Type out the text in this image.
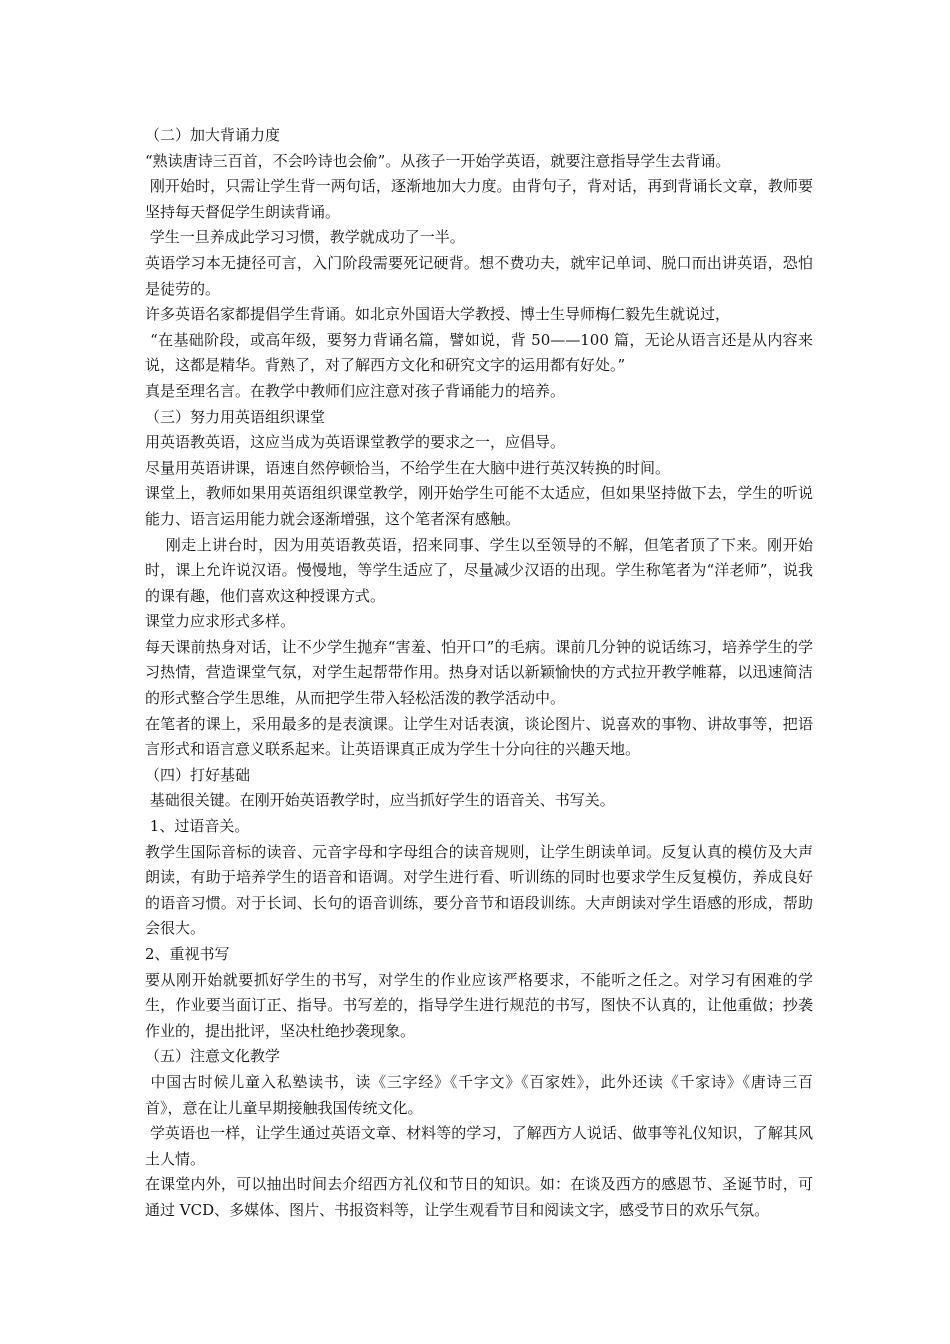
（二）加大背诵力度

“熟读唐诗三百首，不会吟诗也会偷”。从孩子一开始学英语，就要注意指导学生去背诵。

刚开始时，只需让学生背一两句话，逐渐地加大力度。由背句子，背对话，再到背诵长文章，教师要坚持每天督促学生朗读背诵。

学生一旦养成此学习习惯，教学就成功了一半。

英语学习本无捷径可言，入门阶段需要死记硬背。想不费功夫，就牢记单词、脱口而出讲英语，恐怕是徒劳的。

许多英语名家都提倡学生背诵。如北京外国语大学教授、博士生导师梅仁毅先生就说过，

“在基础阶段，或高年级，要努力背诵名篇，譬如说，背 50——100 篇，无论从语言还是从内容来说，这都是精华。背熟了，对了解西方文化和研究文字的运用都有好处。”

真是至理名言。在教学中教师们应注意对孩子背诵能力的培养。

（三）努力用英语组织课堂

用英语教英语，这应当成为英语课堂教学的要求之一，应倡导。

尽量用英语讲课，语速自然停顿恰当，不给学生在大脑中进行英汉转换的时间。

课堂上，教师如果用英语组织课堂教学，刚开始学生可能不太适应，但如果坚持做下去，学生的听说能力、语言运用能力就会逐渐增强，这个笔者深有感触。

刚走上讲台时，因为用英语教英语，招来同事、学生以至领导的不解，但笔者顶了下来。刚开始时，课上允许说汉语。慢慢地，等学生适应了，尽量减少汉语的出现。学生称笔者为“洋老师”，说我的课有趣，他们喜欢这种授课方式。

课堂力应求形式多样。

每天课前热身对话，让不少学生抛弃“害羞、怕开口”的毛病。课前几分钟的说话练习，培养学生的学习热情，营造课堂气氛，对学生起帮带作用。热身对话以新颖愉快的方式拉开教学帷幕，以迅速简洁的形式整合学生思维，从而把学生带入轻松活泼的教学活动中。

在笔者的课上，采用最多的是表演课。让学生对话表演，谈论图片、说喜欢的事物、讲故事等，把语言形式和语言意义联系起来。让英语课真正成为学生十分向往的兴趣天地。

（四）打好基础

基础很关键。在刚开始英语教学时，应当抓好学生的语音关、书写关。

1、过语音关。

教学生国际音标的读音、元音字母和字母组合的读音规则，让学生朗读单词。反复认真的模仿及大声朗读，有助于培养学生的语音和语调。对学生进行看、听训练的同时也要求学生反复模仿，养成良好的语音习惯。对于长词、长句的语音训练，要分音节和语段训练。大声朗读对学生语感的形成，帮助会很大。

2、重视书写

要从刚开始就要抓好学生的书写，对学生的作业应该严格要求，不能听之任之。对学习有困难的学生，作业要当面订正、指导。书写差的，指导学生进行规范的书写，图快不认真的，让他重做；抄袭作业的，提出批评，坚决杜绝抄袭现象。

（五）注意文化教学

中国古时候儿童入私塾读书，读《三字经》《千字文》《百家姓》，此外还读《千家诗》《唐诗三百首》，意在让儿童早期接触我国传统文化。

学英语也一样，让学生通过英语文章、材料等的学习，了解西方人说话、做事等礼仪知识，了解其风土人情。

在课堂内外，可以抽出时间去介绍西方礼仪和节日的知识。如：在谈及西方的感恩节、圣诞节时，可通过 VCD、多媒体、图片、书报资料等，让学生观看节目和阅读文字，感受节日的欢乐气氛。
